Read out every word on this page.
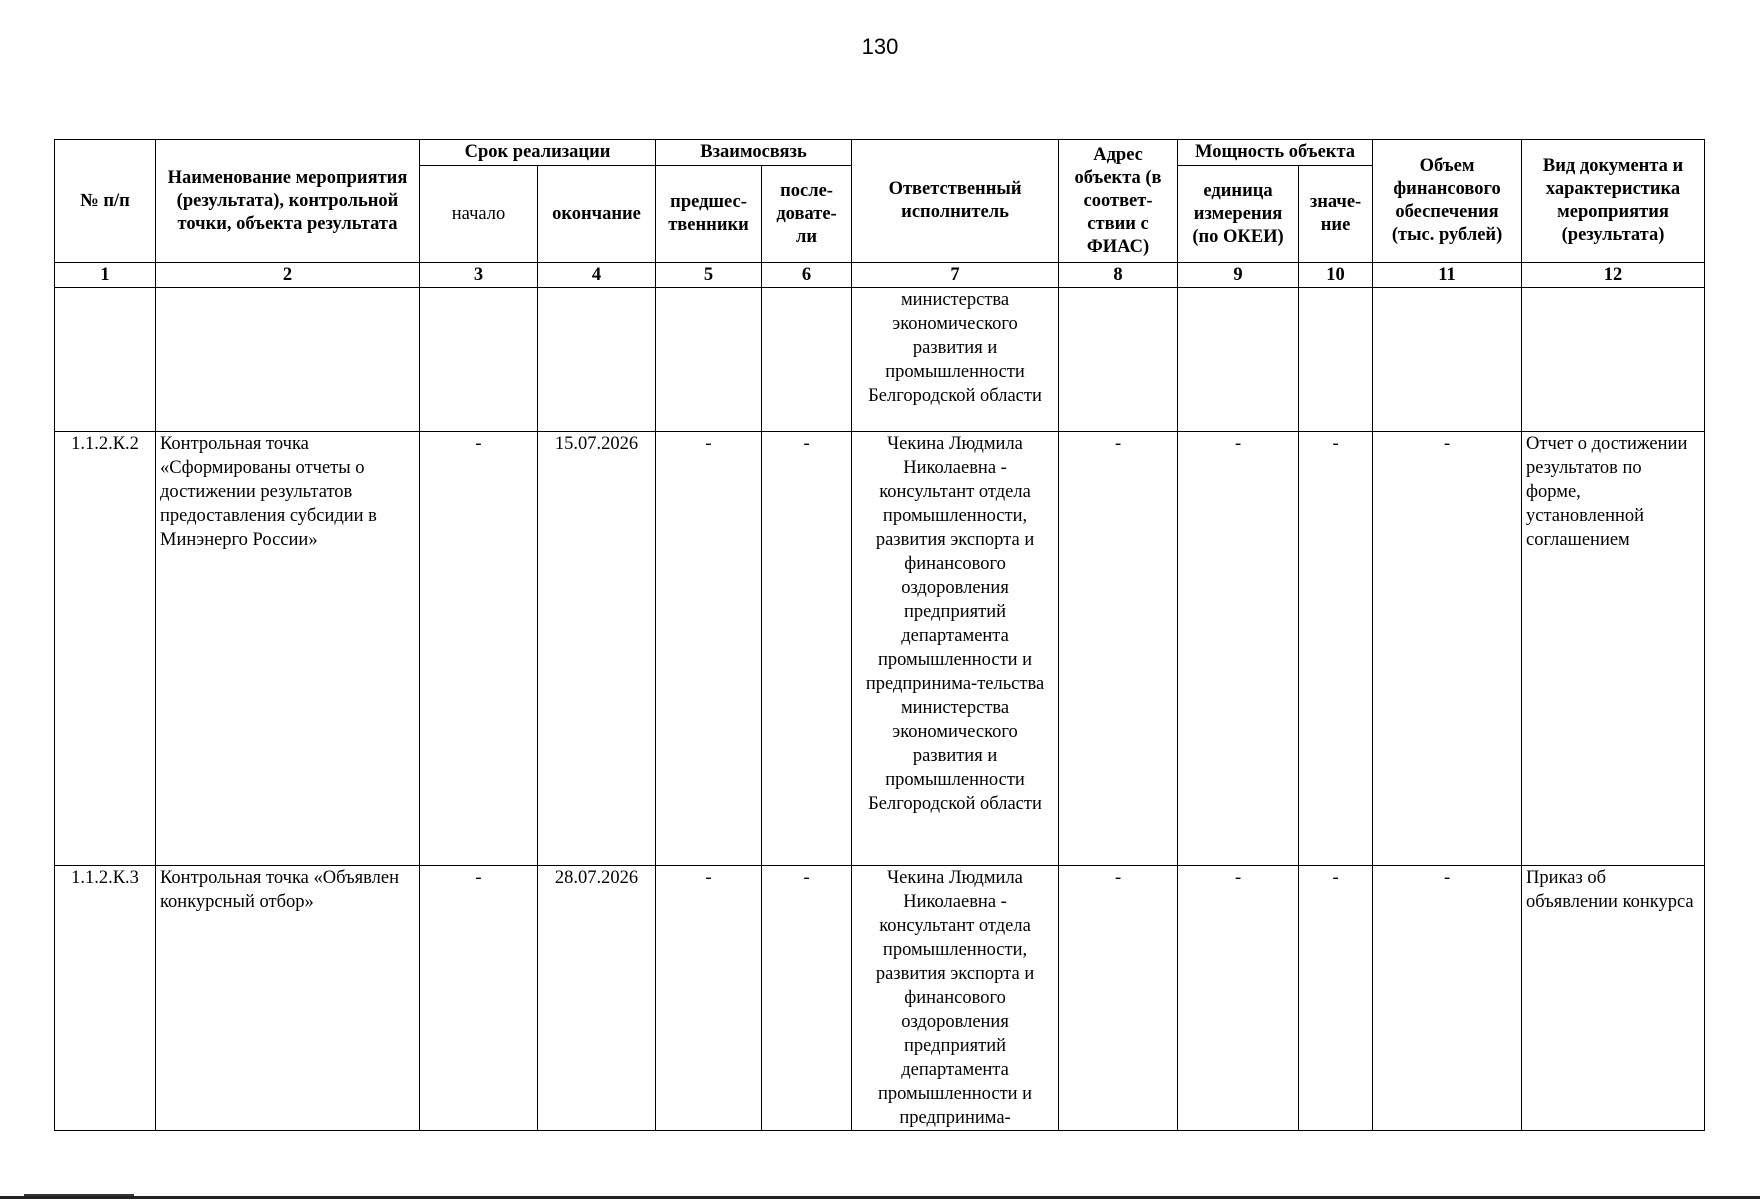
130
№ п/п	Наименование мероприятия (результата), контрольной точки, объекта результата	Срок реализации		Взаимосвязь		Ответственный исполнитель	Адрес объекта (в соответ-ствии с ФИАС)	Мощность объекта		Объем финансового обеспечения (тыс. рублей)	Вид документа и характеристика мероприятия (результата)
		начало	окончание	предшес-твенники	после-довате-ли			единица измерения (по ОКЕИ)	значе-ние		
1	2	3	4	5	6	7	8	9	10	11	12
						министерства экономического развития и промышленности Белгородской области					
1.1.2.К.2	Контрольная точка «Сформированы отчеты о достижении результатов предоставления субсидии в Минэнерго России»	-	15.07.2026	-	-	Чекина Людмила Николаевна - консультант отдела промышленности, развития экспорта и финансового оздоровления предприятий департамента промышленности и предпринима-тельства министерства экономического развития и промышленности Белгородской области	-	-	-	-	Отчет о достижении результатов по форме, установленной соглашением
1.1.2.К.3	Контрольная точка «Объявлен конкурсный отбор»	-	28.07.2026	-	-	Чекина Людмила Николаевна - консультант отдела промышленности, развития экспорта и финансового оздоровления предприятий департамента промышленности и предпринима-	-	-	-	-	Приказ об объявлении конкурса
